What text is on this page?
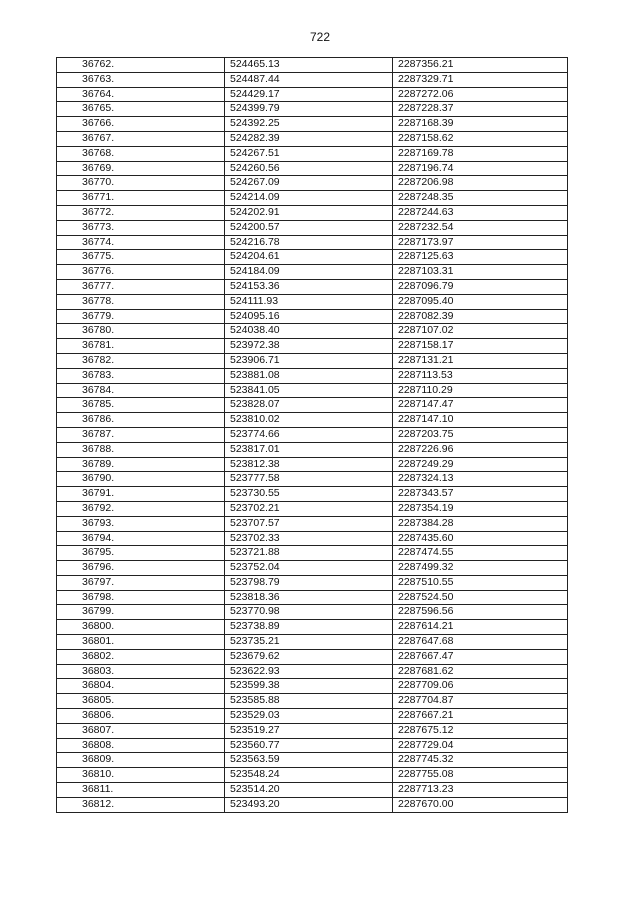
722
36762.	524465.13	2287356.21
36763.	524487.44	2287329.71
36764.	524429.17	2287272.06
36765.	524399.79	2287228.37
36766.	524392.25	2287168.39
36767.	524282.39	2287158.62
36768.	524267.51	2287169.78
36769.	524260.56	2287196.74
36770.	524267.09	2287206.98
36771.	524214.09	2287248.35
36772.	524202.91	2287244.63
36773.	524200.57	2287232.54
36774.	524216.78	2287173.97
36775.	524204.61	2287125.63
36776.	524184.09	2287103.31
36777.	524153.36	2287096.79
36778.	524111.93	2287095.40
36779.	524095.16	2287082.39
36780.	524038.40	2287107.02
36781.	523972.38	2287158.17
36782.	523906.71	2287131.21
36783.	523881.08	2287113.53
36784.	523841.05	2287110.29
36785.	523828.07	2287147.47
36786.	523810.02	2287147.10
36787.	523774.66	2287203.75
36788.	523817.01	2287226.96
36789.	523812.38	2287249.29
36790.	523777.58	2287324.13
36791.	523730.55	2287343.57
36792.	523702.21	2287354.19
36793.	523707.57	2287384.28
36794.	523702.33	2287435.60
36795.	523721.88	2287474.55
36796.	523752.04	2287499.32
36797.	523798.79	2287510.55
36798.	523818.36	2287524.50
36799.	523770.98	2287596.56
36800.	523738.89	2287614.21
36801.	523735.21	2287647.68
36802.	523679.62	2287667.47
36803.	523622.93	2287681.62
36804.	523599.38	2287709.06
36805.	523585.88	2287704.87
36806.	523529.03	2287667.21
36807.	523519.27	2287675.12
36808.	523560.77	2287729.04
36809.	523563.59	2287745.32
36810.	523548.24	2287755.08
36811.	523514.20	2287713.23
36812.	523493.20	2287670.00
